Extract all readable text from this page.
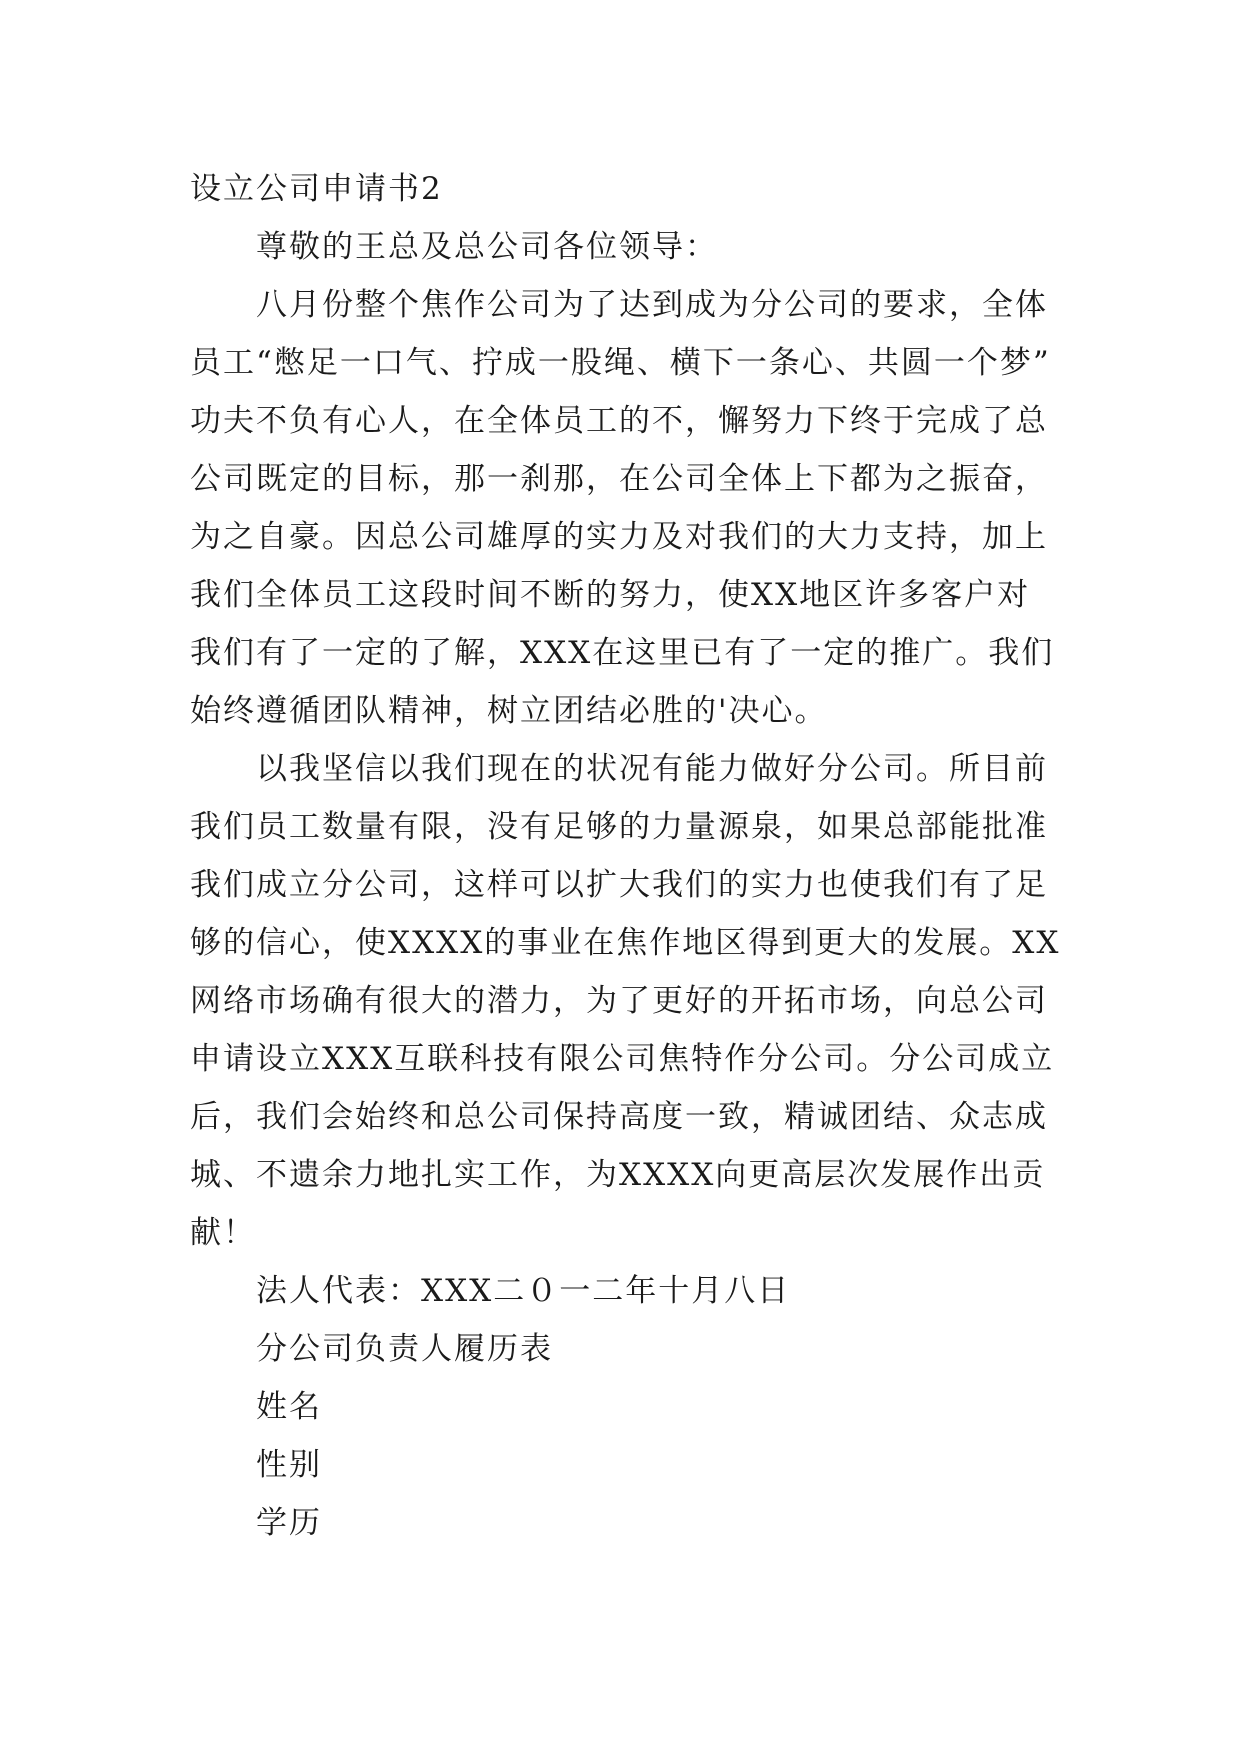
设立公司申请书2

尊敬的王总及总公司各位领导：

八月份整个焦作公司为了达到成为分公司的要求，全体

员工“憋足一口气、拧成一股绳、横下一条心、共圆一个梦”

功夫不负有心人，在全体员工的不，懈努力下终于完成了总

公司既定的目标，那一刹那，在公司全体上下都为之振奋，

为之自豪。因总公司雄厚的实力及对我们的大力支持，加上

我们全体员工这段时间不断的努力，使XX地区许多客户对

我们有了一定的了解，XXX在这里已有了一定的推广。我们

始终遵循团队精神，树立团结必胜的'决心。

以我坚信以我们现在的状况有能力做好分公司。所目前

我们员工数量有限，没有足够的力量源泉，如果总部能批准

我们成立分公司，这样可以扩大我们的实力也使我们有了足

够的信心，使XXXX的事业在焦作地区得到更大的发展。XX

网络市场确有很大的潜力，为了更好的开拓市场，向总公司

申请设立XXX互联科技有限公司焦特作分公司。分公司成立

后，我们会始终和总公司保持高度一致，精诚团结、众志成

城、不遗余力地扎实工作，为XXXX向更高层次发展作出贡

献！

法人代表：XXX二０一二年十月八日

分公司负责人履历表

姓名

性别

学历
